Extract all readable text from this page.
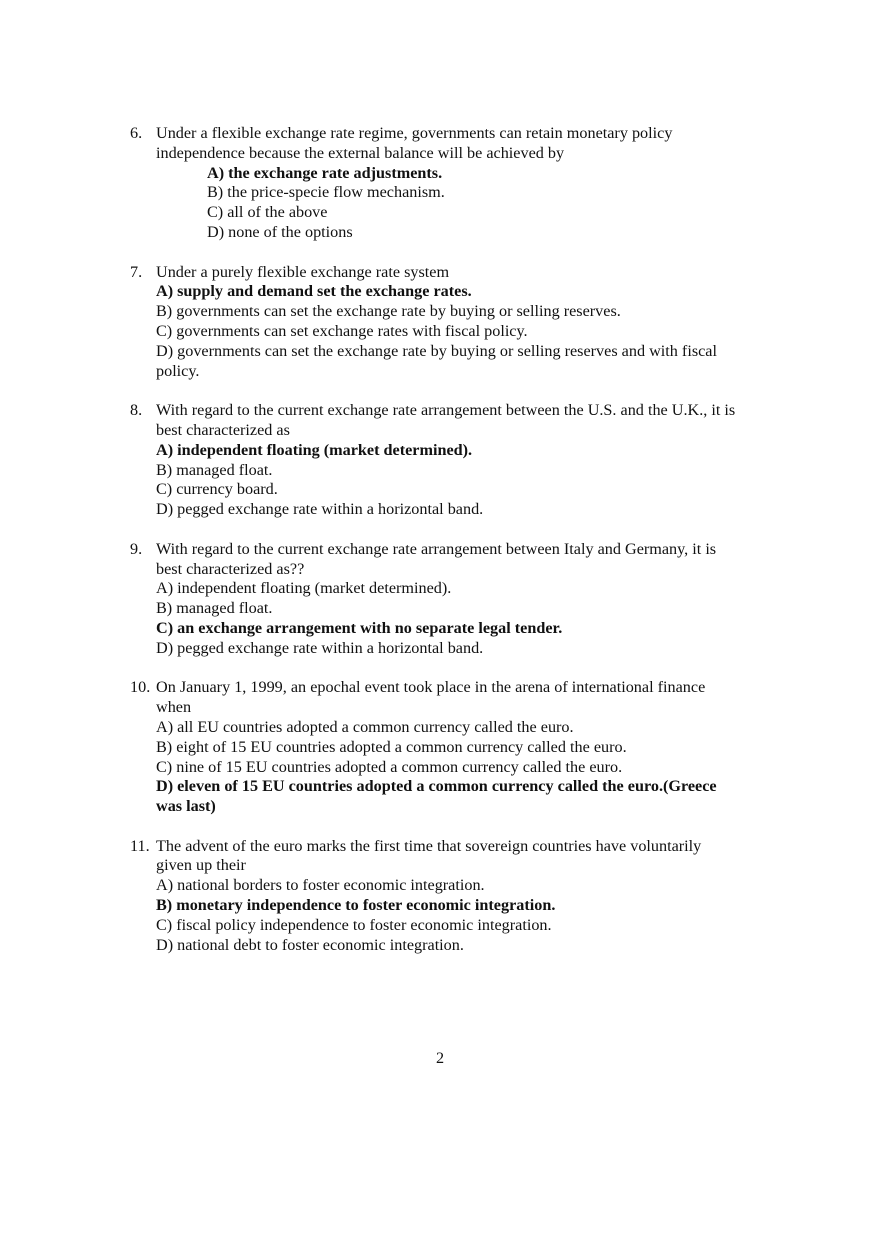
6. Under a flexible exchange rate regime, governments can retain monetary policy
independence because the external balance will be achieved by
A) the exchange rate adjustments.
B) the price-specie flow mechanism.
C) all of the above
D) none of the options
7. Under a purely flexible exchange rate system
A) supply and demand set the exchange rates.
B) governments can set the exchange rate by buying or selling reserves.
C) governments can set exchange rates with fiscal policy.
D) governments can set the exchange rate by buying or selling reserves and with fiscal
policy.
8. With regard to the current exchange rate arrangement between the U.S. and the U.K., it is
best characterized as
A) independent floating (market determined).
B) managed float.
C) currency board.
D) pegged exchange rate within a horizontal band.
9. With regard to the current exchange rate arrangement between Italy and Germany, it is
best characterized as??
A) independent floating (market determined).
B) managed float.
C) an exchange arrangement with no separate legal tender.
D) pegged exchange rate within a horizontal band.
10. On January 1, 1999, an epochal event took place in the arena of international finance
when
A) all EU countries adopted a common currency called the euro.
B) eight of 15 EU countries adopted a common currency called the euro.
C) nine of 15 EU countries adopted a common currency called the euro.
D) eleven of 15 EU countries adopted a common currency called the euro.(Greece
was last)
11. The advent of the euro marks the first time that sovereign countries have voluntarily
given up their
A) national borders to foster economic integration.
B) monetary independence to foster economic integration.
C) fiscal policy independence to foster economic integration.
D) national debt to foster economic integration.
2
